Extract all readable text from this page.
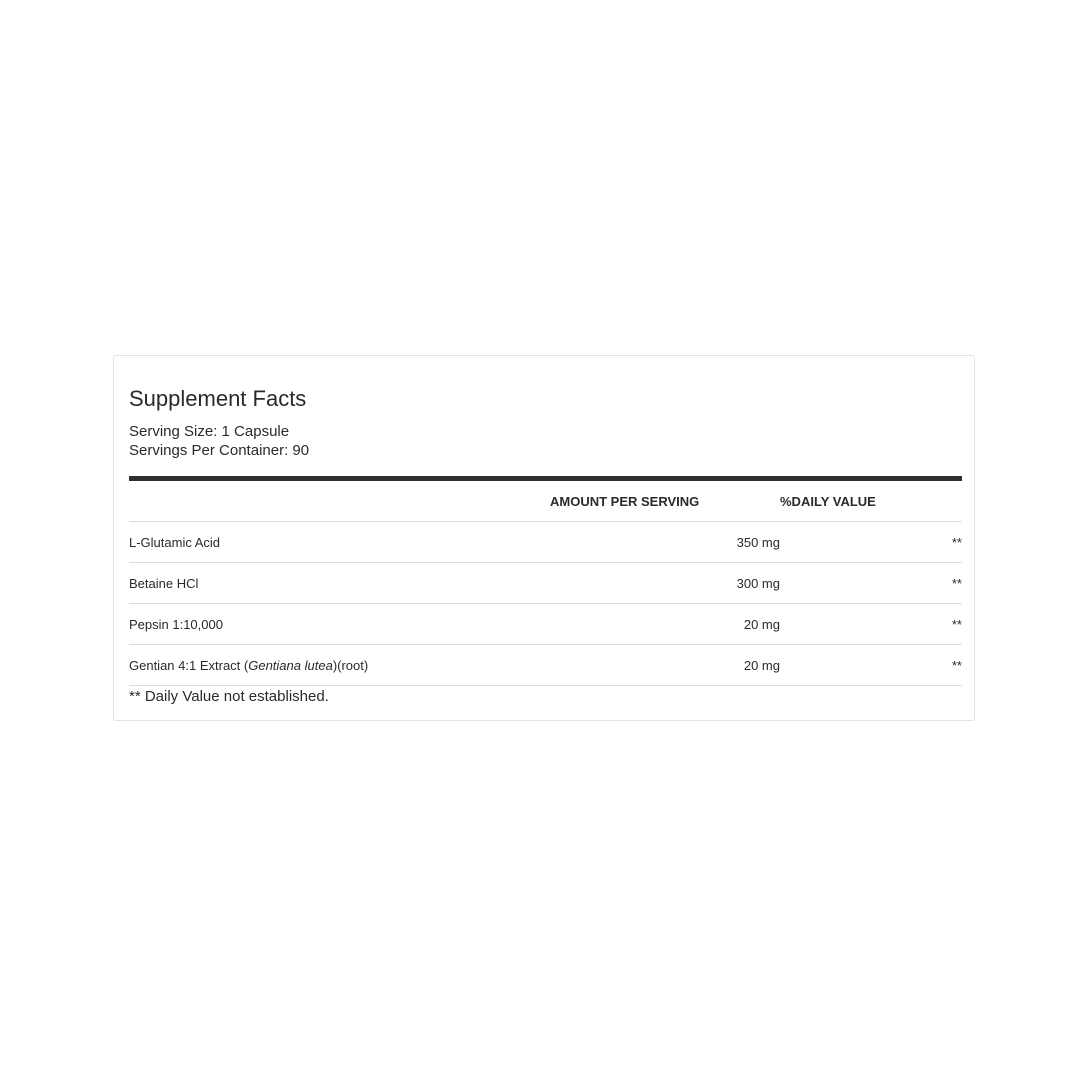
Supplement Facts
Serving Size: 1 Capsule
Servings Per Container: 90
	AMOUNT PER SERVING	%DAILY VALUE
L-Glutamic Acid	350 mg	**
Betaine HCl	300 mg	**
Pepsin 1:10,000	20 mg	**
Gentian 4:1 Extract (Gentiana lutea)(root)	20 mg	**
** Daily Value not established.
